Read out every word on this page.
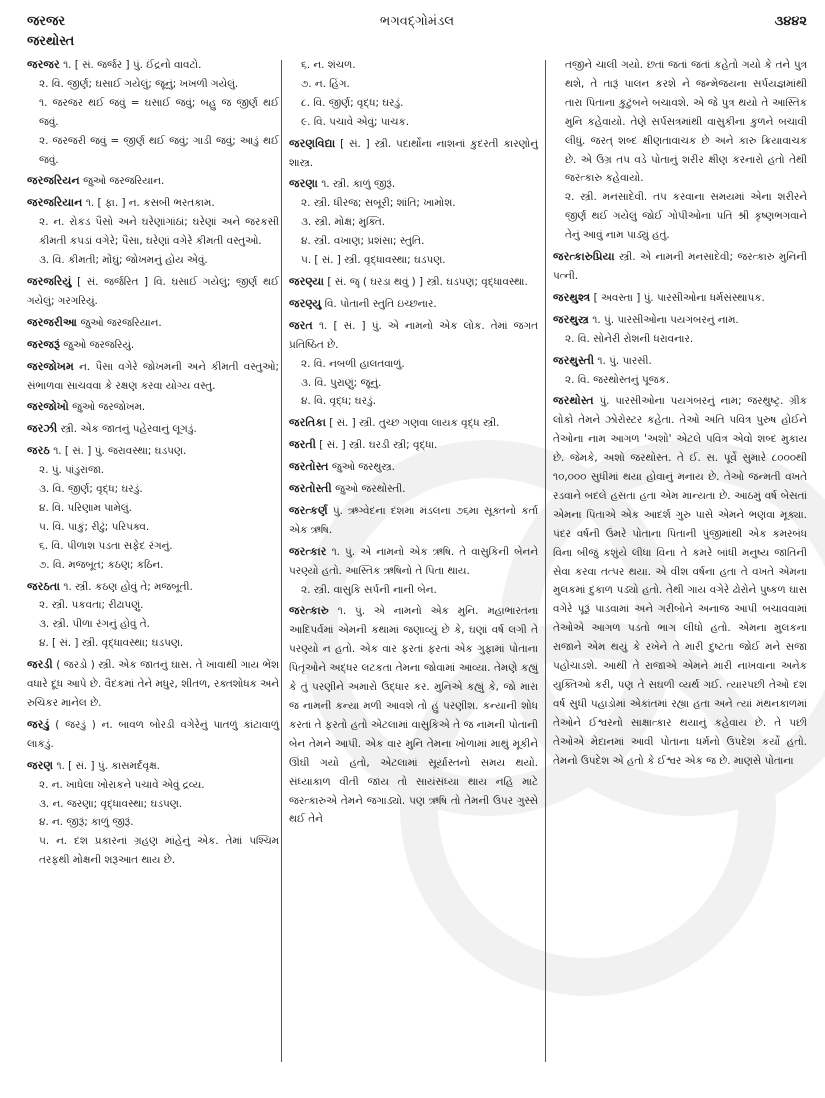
જરજર	ભગવદ્ગોમંડલ	૩૪૪૨
જરથોસ્ત
જરજર ૧. [ સં. જર્જર ] પું. ઈંદ્રનો વાવટો.
૨. વિ. જીર્ણ; ઘસાઈ ગયેલું; જૂનું; ખખળી ગયેલું.
૧. જરજર થઈ જવું = ઘસાઈ જવું; બહુ જ જીર્ણ થઈ જવું.
૨. જરજરી જવું = જીર્ણ થઈ જવું; ગાડી જવું; આડું થઈ જવું.
જરજરિયન જુઓ જરજરિયાન.
જરજરિયાન ૧. [ ફા. ] ન. કસબી ભરતકામ.
૨. ન. રોકડ પૈસો અને ઘરેણાંગાંઠાં; ઘરેણાં અને જરકસી કીમતી કપડાં વગેરે; પૈસા, ઘરેણાં વગેરે કીમતી વસ્તુઓ.
૩. વિ. કીમતી; મોંઘું; જોખમનું હોય એવું.
જરજરિયું [ સં. જર્જરિત ] વિ. ઘસાઈ ગયેલું; જીર્ણ થઈ ગયેલું; ગરગરિયું.
જરજરીઆ જુઓ જરજરિયાન.
જરજરૂં જુઓ જરજરિયું.
જરજોખમ ન. પૈસા વગેરે જોખમની અને કીમતી વસ્તુઓ; સંભાળવા સાચવવા કે રક્ષણ કરવા યોગ્ય વસ્તુ.
જરજોખો જુઓ જરજોખમ.
જરઝી સ્ત્રી. એક જાતનું પહેરવાનું લૂગડું.
જરઠ ૧. [ સં. ] પું. જરાવસ્થા; ઘડપણ.
૨. પું. પાંડુરાજા.
૩. વિ. જીર્ણ; વૃદ્ધ; ઘરડું.
૪. વિ. પરિણામ પામેલું.
૫. વિ. પાકું; રીઢું; પરિપક્વ.
૬. વિ. પીળાશ પડતા સફેદ રંગનું.
૭. વિ. મજબૂત; કઠણ; કઠિન.
જરઠતા ૧. સ્ત્રી. કઠણ હોવું તે; મજબૂતી.
૨. સ્ત્રી. પકવતા; રીઢાપણું.
૩. સ્ત્રી. પીળા રંગનું હોવું તે.
૪. [ સં. ] સ્ત્રી. વૃદ્ધાવસ્થા; ઘડપણ.
જરડી ( જરડો ) સ્ત્રી. એક જાતનું ઘાસ. તે ખાવાથી ગાય ભેંશ વધારે દૂધ આપે છે. વૈદકમાં તેને મધુર, શીતળ, રક્તશોધક અને રુચિકર માનેલ છે.
જરડું ( જરડું ) ન. બાવળ બોરડી વગેરેનું પાતળું કાંટાવાળું લાકડું.
જરણ ૧. [ સં. ] પું. કાસમર્દવૃક્ષ.
૨. ન. ખાધેલા ખોરાકને પચાવે એવું દ્રવ્ય.
૩. ન. જરણા; વૃદ્ધાવસ્થા; ઘડપણ.
૪. ન. જીરૂં; કાળું જીરૂં.
૫. ન. દશ પ્રકારનાં ગ્રહણ માંહેનું એક. તેમાં પશ્ચિમ તરફથી મોક્ષની શરૂઆત થાય છે.
૬. ન. શંચળ.
૭. ન. હિંગ.
૮. વિ. જીર્ણ; વૃદ્ધ; ઘરડું.
૯. વિ. પચાવે એવું; પાચક.
જરણવિદ્યા [ સં. ] સ્ત્રી. પદાર્થોના નાશનાં કુદરતી કારણોનું શાસ્ત્ર.
જરણા ૧. સ્ત્રી. કાળું જીરૂં.
૨. સ્ત્રી. ધીરજ; સબૂરી; શાંતિ; ખામોશ.
૩. સ્ત્રી. મોક્ષ; મુક્તિ.
૪. સ્ત્રી. વખાણ; પ્રશંસા; સ્તુતિ.
૫. [ સં. ] સ્ત્રી. વૃદ્ધાવસ્થા; ઘડપણ.
જરણ્યા [ સં. જૄ ( ઘરડા થવું ) ] સ્ત્રી. ઘડપણ; વૃદ્ધાવસ્થા.
જરણ્યુ વિ. પોતાની સ્તુતિ ઇચ્છનાર.
જરત ૧. [ સં. ] પું. એ નામનો એક લોક. તેમાં જગત પ્રતિષ્ઠિત છે.
૨. વિ. નબળી હાલતવાળું.
૩. વિ. પુરાણું; જૂનું.
૪. વિ. વૃદ્ધ; ઘરડું.
જરતિકા [ સં. ] સ્ત્રી. તુચ્છ ગણવા લાયક વૃદ્ધ સ્ત્રી.
જરતી [ સં. ] સ્ત્રી. ઘરડી સ્ત્રી; વૃદ્ધા.
જરતોસ્ત જુઓ જરથુસ્ત્ર.
જરતોસ્તી જુઓ જરથોસ્તી.
જરત્કર્ણ પું. ઋગ્વેદના દશમા મંડલના ૭૬મા સૂક્તનો કર્તા એક ઋષિ.
જરત્કાર ૧. પું. એ નામનો એક ઋષિ. તે વાસુકિની બેનને પરણ્યો હતો. આસ્તિક ઋષિનો તે પિતા થાય.
૨. સ્ત્રી. વાસુકિ સર્પની નાની બેન.
જરત્કારુ ૧. પું. એ નામનો એક મુનિ. મહાભારતના આદિપર્વમાં એમની કથામાં જણાવ્યું છે કે, ઘણાં વર્ષ લગી તે પરણ્યો ન હતો. એક વાર ફરતાં ફરતાં એક ગુફામાં પોતાના પિતૃઓને અદ્ધર લટકતા તેમના જોવામાં આવ્યા. તેમણે કહ્યું કે તું પરણીને અમારો ઉદ્ધાર કર. મુનિએ કહ્યું કે, જો મારા જ નામની કન્યા મળી આવશે તો હું પરણીશ. કન્યાની શોધ કરતાં તે ફરતો હતો એટલામાં વાસુકિએ તે જ નામની પોતાની બેન તેમને આપી. એક વાર મુનિ તેમના ખોળામાં માથું મૂકીને ઊંઘી ગયો હતો, એટલામાં સૂર્યાસ્તનો સમય થયો. સંધ્યાકાળ વીતી જાય તો સાયંસંધ્યા થાય નહિ માટે જરત્કારુએ તેમને જગાડ્યો. પણ ઋષિ તો તેમની ઉપર ગુસ્સે થઈ તેને
તજીને ચાલી ગયો. છતાં જતાં જતાં કહેતો ગયો કે તને પુત્ર થશે, તે તારૂં પાલન કરશે ને જન્મેજયના સર્પયજ્ઞમાંથી તારા પિતાના કુટુંબને બચાવશે. એ જે પુત્ર થયો તે આસ્તિક મુનિ કહેવાયો. તેણે સર્પસત્રમાંથી વાસુકીના કુળને બચાવી લીધું. જરત્ શબ્દ ક્ષીણતાવાચક છે અને કારુ ક્રિયાવાચક છે. એ ઉગ્ર તપ વડે પોતાનું શરીર ક્ષીણ કરનારો હતો તેથી જરત્કારુ કહેવાયો.
૨. સ્ત્રી. મનસાદેવી. તપ કરવાના સમયમાં એના શરીરને જીર્ણ થઈ ગયેલું જોઈ ગોપીઓના પતિ શ્રી કૃષ્ણભગવાને તેનું આવું નામ પાડ્યું હતું.
જરત્કારુપ્રિયા સ્ત્રી. એ નામની મનસાદેવી; જરત્કારુ મુનિની પત્ની.
જરથુશ્ત્ર [ અવસ્તા ] પું. પારસીઓના ધર્મસંસ્થાપક.
જરથુસ્ત્ર ૧. પું. પારસીઓના પયગંબરનું નામ.
૨. વિ. સોનેરી રોશની ધરાવનાર.
જરથુસ્તી ૧. પું. પારસી.
૨. વિ. જરથોસ્તનું પૂજક.
જરથોસ્ત પું. પારસીઓના પયગંબરનું નામ; જરથુષ્ટ્ર. ગ્રીક લોકો તેમને ઝોરોસ્ટર કહેતા. તેઓ અતિ પવિત્ર પુરુષ હોઈને તેઓના નામ આગળ 'અશો' એટલે પવિત્ર એવો શબ્દ મુકાય છે. જેમકે, અશો જરથોસ્ત. તે ઈ. સ. પૂર્વે સુમારે ૮૦૦૦થી ૧૦,૦૦૦ સુધીમાં થયા હોવાનું મનાય છે. તેઓ જન્મતી વખતે રડવાને બદલે હસતા હતા એમ માન્યતા છે. આઠમું વર્ષ બેસતાં એમના પિતાએ એક આદર્શ ગુરુ પાસે એમને ભણવા મૂક્યા. પંદર વર્ષની ઉંમરે પોતાના પિતાની પુંજીમાંથી એક કમરબંધ વિના બીજું કશુંયે લીધા વિના તે કમરે બાંધી મનુષ્ય જાતિની સેવા કરવા તત્પર થયા. એ વીશ વર્ષના હતા તે વખતે એમના મુલકમાં દુકાળ પડ્યો હતો. તેથી ગાય વગેરે ઢોરોને પુષ્કળ ઘાસ વગેરે પૂરૂં પાડવામાં અને ગરીબોને અનાજ આપી બચાવવામાં તેઓએ આગળ પડતો ભાગ લીધો હતો. એમના મુલકના રાજાને એમ થયું કે રખેને તે મારી દુષ્ટતા જોઈ મને સજા પહોંચાડશે. આથી તે રાજાએ એમને મારી નાખવાના અનેક યુક્તિઓ કરી, પણ તે સઘળી વ્યર્થ ગઈ. ત્યારપછી તેઓ દશ વર્ષ સુધી પહાડોમાં એકાંતમાં રહ્યા હતા અને ત્યાં મંથનકાળમાં તેઓને ઈશ્વરનો સાક્ષાત્કાર થયાનું કહેવાય છે. તે પછી તેઓએ મેદાનમાં આવી પોતાના ધર્મનો ઉપદેશ કર્યો હતો. તેમનો ઉપદેશ એ હતો કે ઈશ્વર એક જ છે. માણસે પોતાના
